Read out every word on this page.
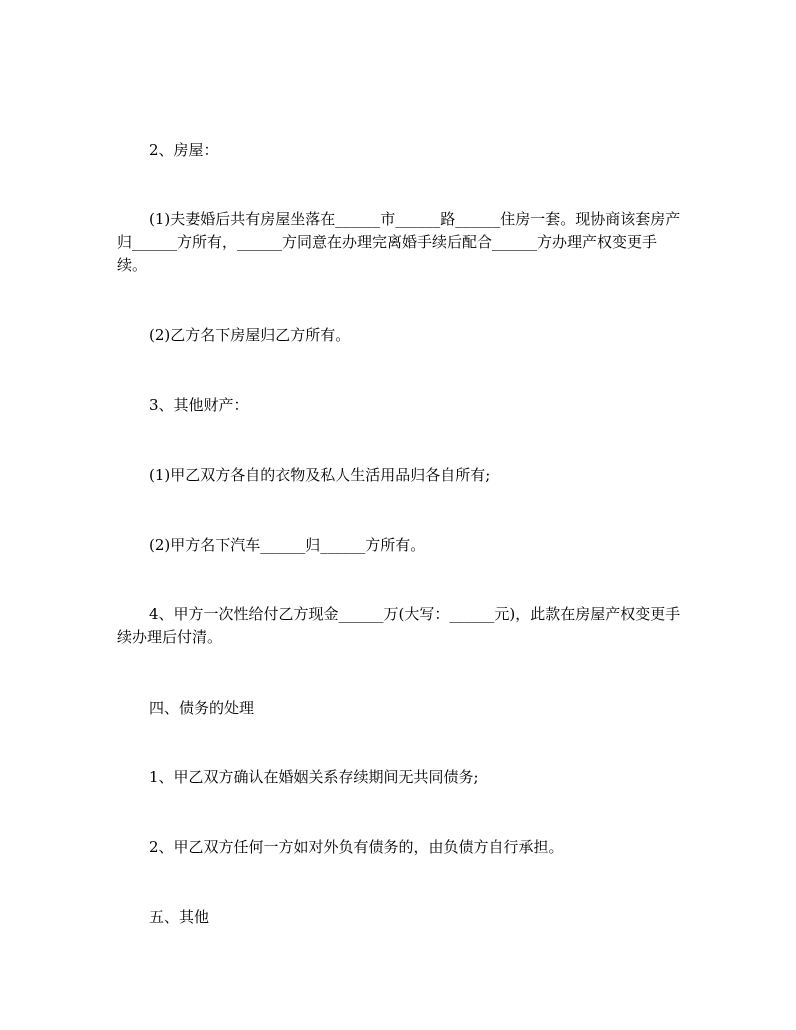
2、房屋：

(1)夫妻婚后共有房屋坐落在______市______路______住房一套。现协商该套房产归______方所有，______方同意在办理完离婚手续后配合______方办理产权变更手续。

(2)乙方名下房屋归乙方所有。

3、其他财产：

(1)甲乙双方各自的衣物及私人生活用品归各自所有;

(2)甲方名下汽车______归______方所有。

4、甲方一次性给付乙方现金______万(大写：______元)，此款在房屋产权变更手续办理后付清。

四、债务的处理

1、甲乙双方确认在婚姻关系存续期间无共同债务;

2、甲乙双方任何一方如对外负有债务的，由负债方自行承担。

五、其他
